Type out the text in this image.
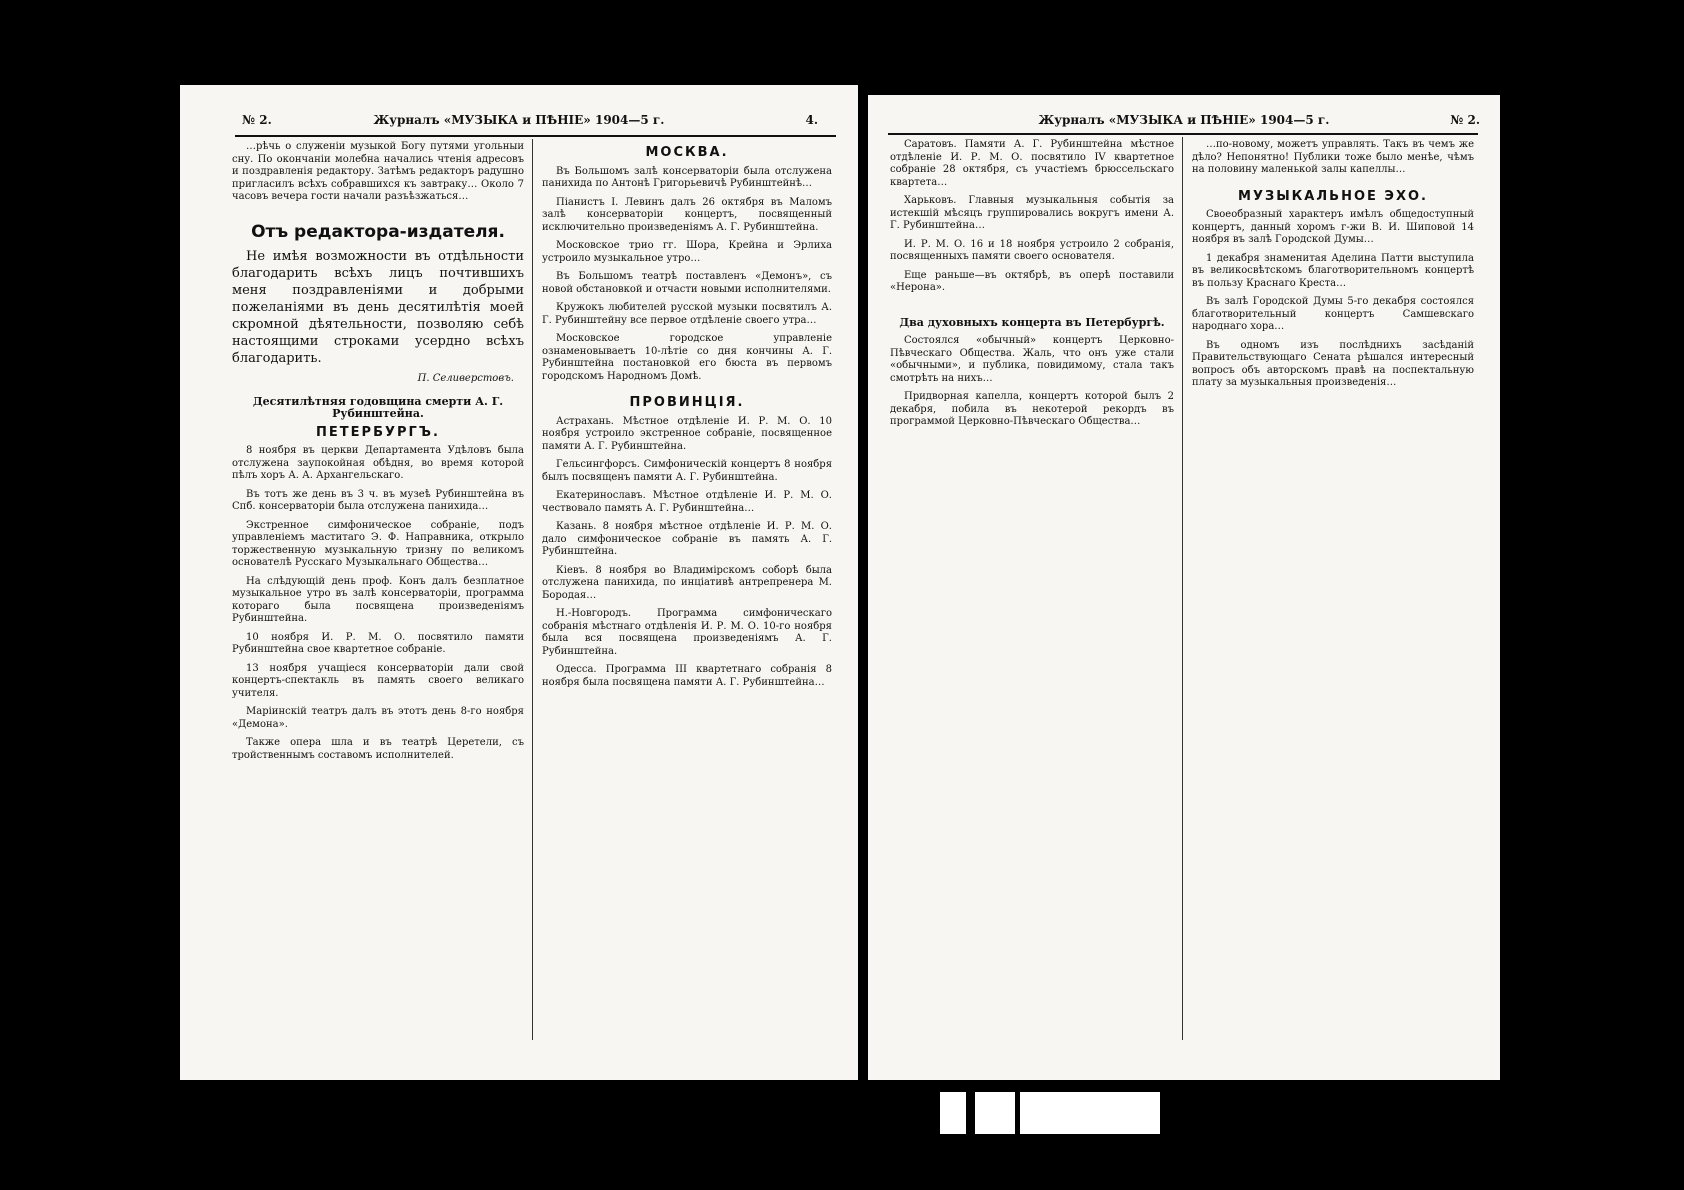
№ 2.	Журналъ «МУЗЫКА и ПѢНІЕ» 1904—5 г.	4.

…рѣчь о служеніи музыкой Богу путями угольныи сну. По окончаніи молебна начались чтенія адресовъ и поздравленія редактору. Затѣмъ редакторъ радушно пригласилъ всѣхъ собравшихся къ завтраку… Около 7 часовъ вечера гости начали разъѣзжаться…

Отъ редактора-издателя.

Не имѣя возможности въ отдѣльности благодарить всѣхъ лицъ почтившихъ меня поздравленіями и добрыми пожеланіями въ день десятилѣтія моей скромной дѣятельности, позволяю себѣ настоящими строками усердно всѣхъ благодарить.

П. Селиверстовъ.
Десятилѣтняя годовщина смерти А. Г. Рубинштейна.
ПЕТЕРБУРГЪ.

8 ноября въ церкви Департамента Удѣловъ была отслужена заупокойная обѣдня, во время которой пѣлъ хоръ А. А. Архангельскаго.

Въ тотъ же день въ 3 ч. въ музеѣ Рубинштейна въ Спб. консерваторіи была отслужена панихида…

Экстренное симфоническое собраніе, подъ управленіемъ маститаго Э. Ф. Направника, открыло торжественную музыкальную тризну по великомъ основателѣ Русскаго Музыкальнаго Общества…

На слѣдующій день проф. Конъ далъ безплатное музыкальное утро въ залѣ консерваторіи, программа котораго была посвящена произведеніямъ Рубинштейна.

10 ноября И. Р. М. О. посвятило памяти Рубинштейна свое квартетное собраніе.

13 ноября учащіеся консерваторіи дали свой концертъ-спектакль въ память своего великаго учителя.

Маріинскій театръ далъ въ этотъ день 8-го ноября «Демона».

Также опера шла и въ театрѣ Церетели, съ тройственнымъ составомъ исполнителей.

МОСКВА.

Въ Большомъ залѣ консерваторіи была отслужена панихида по Антонѣ Григорьевичѣ Рубинштейнѣ…

Піанистъ І. Левинъ далъ 26 октября въ Маломъ залѣ консерваторіи концертъ, посвященный исключительно произведеніямъ А. Г. Рубинштейна.

Московское трио гг. Шора, Крейна и Эрлиха устроило музыкальное утро…

Въ Большомъ театрѣ поставленъ «Демонъ», съ новой обстановкой и отчасти новыми исполнителями.

Кружокъ любителей русской музыки посвятилъ А. Г. Рубинштейну все первое отдѣленіе своего утра…

Московское городское управленіе ознаменовываетъ 10-лѣтіе со дня кончины А. Г. Рубинштейна постановкой его бюста въ первомъ городскомъ Народномъ Домѣ.

ПРОВИНЦІЯ.

Астрахань. Мѣстное отдѣленіе И. Р. М. О. 10 ноября устроило экстренное собраніе, посвященное памяти А. Г. Рубинштейна.

Гельсингфорсъ. Симфоническій концертъ 8 ноября былъ посвященъ памяти А. Г. Рубинштейна.

Екатеринославъ. Мѣстное отдѣленіе И. Р. М. О. чествовало память А. Г. Рубинштейна…

Казань. 8 ноября мѣстное отдѣленіе И. Р. М. О. дало симфоническое собраніе въ память А. Г. Рубинштейна.

Кіевъ. 8 ноября во Владимірскомъ соборѣ была отслужена панихида, по инціативѣ антрепренера М. Бородая…

Н.-Новгородъ. Программа симфоническаго собранія мѣстнаго отдѣленія И. Р. М. О. 10-го ноября была вся посвящена произведеніямъ А. Г. Рубинштейна.

Одесса. Программа III квартетнаго собранія 8 ноября была посвящена памяти А. Г. Рубинштейна…

Журналъ «МУЗЫКА и ПѢНІЕ» 1904—5 г.	№ 2.

Саратовъ. Памяти А. Г. Рубинштейна мѣстное отдѣленіе И. Р. М. О. посвятило IV квартетное собраніе 28 октября, съ участіемъ брюссельскаго квартета…

Харьковъ. Главныя музыкальныя событія за истекшій мѣсяцъ группировались вокругъ имени А. Г. Рубинштейна…

И. Р. М. О. 16 и 18 ноября устроило 2 собранія, посвященныхъ памяти своего основателя.

Еще раньше—въ октябрѣ, въ оперѣ поставили «Нерона».

Два духовныхъ концерта въ Петербургѣ.

Состоялся «обычный» концертъ Церковно-Пѣвческаго Общества. Жаль, что онъ уже стали «обычными», и публика, повидимому, стала такъ смотрѣть на нихъ…

Придворная капелла, концертъ которой былъ 2 декабря, побила въ некотерой рекордъ въ программой Церковно-Пѣвческаго Общества…

…по-новому, можетъ управлять. Такъ въ чемъ же дѣло? Непонятно! Публики тоже было менѣе, чѣмъ на половину маленькой залы капеллы…

МУЗЫКАЛЬНОЕ ЭХО.

Своеобразный характеръ имѣлъ общедоступный концертъ, данный хоромъ г-жи В. И. Шиповой 14 ноября въ залѣ Городской Думы…

1 декабря знаменитая Аделина Патти выступила въ великосвѣтскомъ благотворительномъ концертѣ въ пользу Краснаго Креста…

Въ залѣ Городской Думы 5-го декабря состоялся благотворительный концертъ Самшевскаго народнаго хора…

Въ одномъ изъ послѣднихъ засѣданій Правительствующаго Сената рѣшался интересный вопросъ объ авторскомъ правѣ на поспектальную плату за музыкальныя произведенія…
